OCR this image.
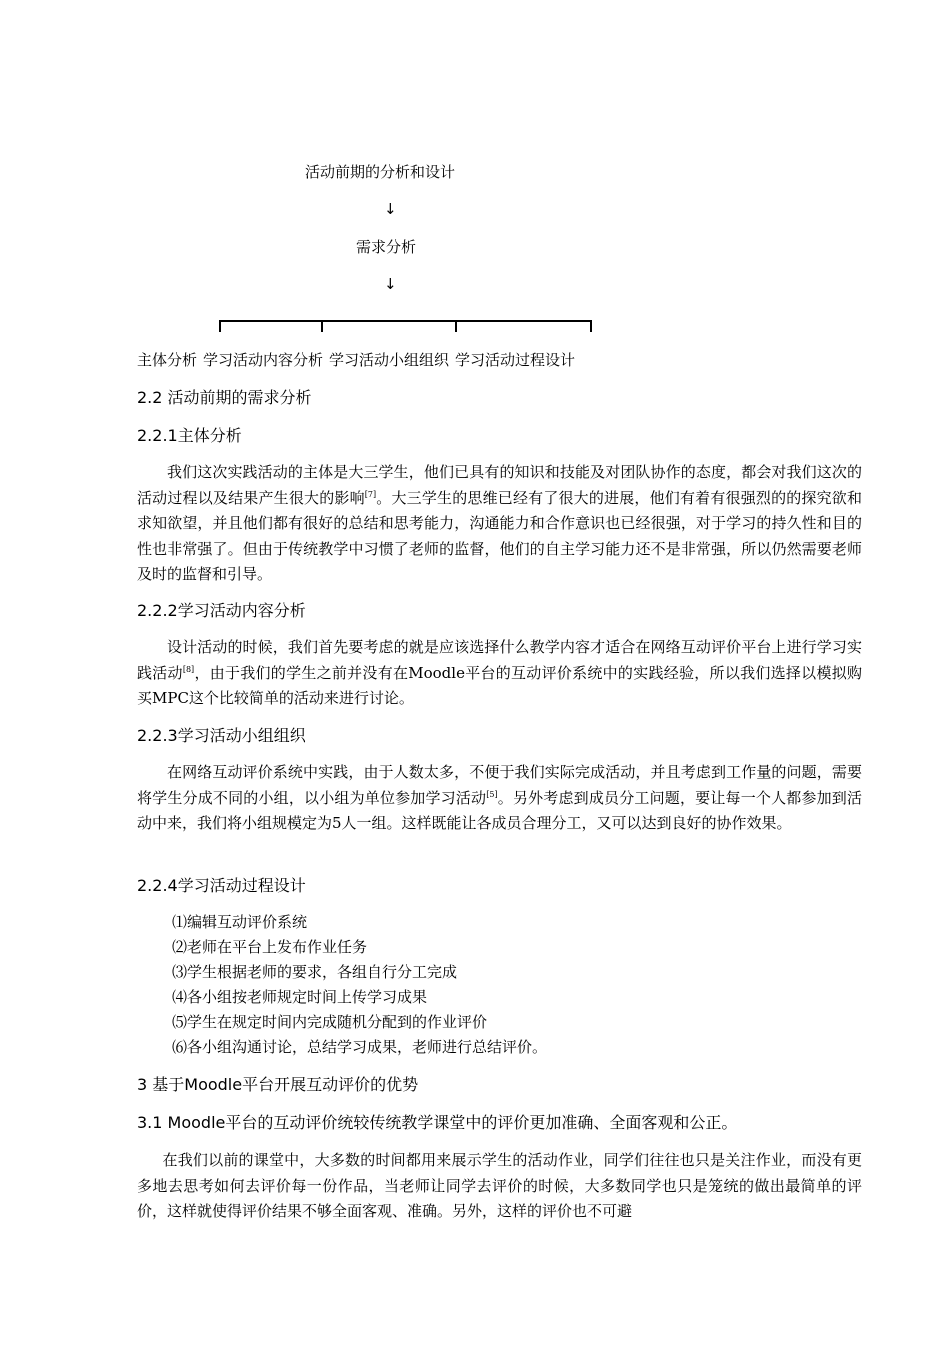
活动前期的分析和设计
↓
需求分析
↓
主体分析 学习活动内容分析 学习活动小组组织 学习活动过程设计
2.2 活动前期的需求分析
2.2.1主体分析
我们这次实践活动的主体是大三学生，他们已具有的知识和技能及对团队协作的态度，都会对我们这次的活动过程以及结果产生很大的影响[7]。大三学生的思维已经有了很大的进展，他们有着有很强烈的的探究欲和求知欲望，并且他们都有很好的总结和思考能力，沟通能力和合作意识也已经很强，对于学习的持久性和目的性也非常强了。但由于传统教学中习惯了老师的监督，他们的自主学习能力还不是非常强，所以仍然需要老师及时的监督和引导。
2.2.2学习活动内容分析
设计活动的时候，我们首先要考虑的就是应该选择什么教学内容才适合在网络互动评价平台上进行学习实践活动[8]，由于我们的学生之前并没有在Moodle平台的互动评价系统中的实践经验，所以我们选择以模拟购买MPC这个比较简单的活动来进行讨论。
2.2.3学习活动小组组织
在网络互动评价系统中实践，由于人数太多，不便于我们实际完成活动，并且考虑到工作量的问题，需要将学生分成不同的小组，以小组为单位参加学习活动[5]。另外考虑到成员分工问题，要让每一个人都参加到活动中来，我们将小组规模定为5人一组。这样既能让各成员合理分工，又可以达到良好的协作效果。
2.2.4学习活动过程设计
⑴编辑互动评价系统
⑵老师在平台上发布作业任务
⑶学生根据老师的要求，各组自行分工完成
⑷各小组按老师规定时间上传学习成果
⑸学生在规定时间内完成随机分配到的作业评价
⑹各小组沟通讨论，总结学习成果，老师进行总结评价。
3 基于Moodle平台开展互动评价的优势
3.1 Moodle平台的互动评价统较传统教学课堂中的评价更加准确、全面客观和公正。
在我们以前的课堂中，大多数的时间都用来展示学生的活动作业，同学们往往也只是关注作业，而没有更多地去思考如何去评价每一份作品，当老师让同学去评价的时候，大多数同学也只是笼统的做出最简单的评价，这样就使得评价结果不够全面客观、准确。另外，这样的评价也不可避
